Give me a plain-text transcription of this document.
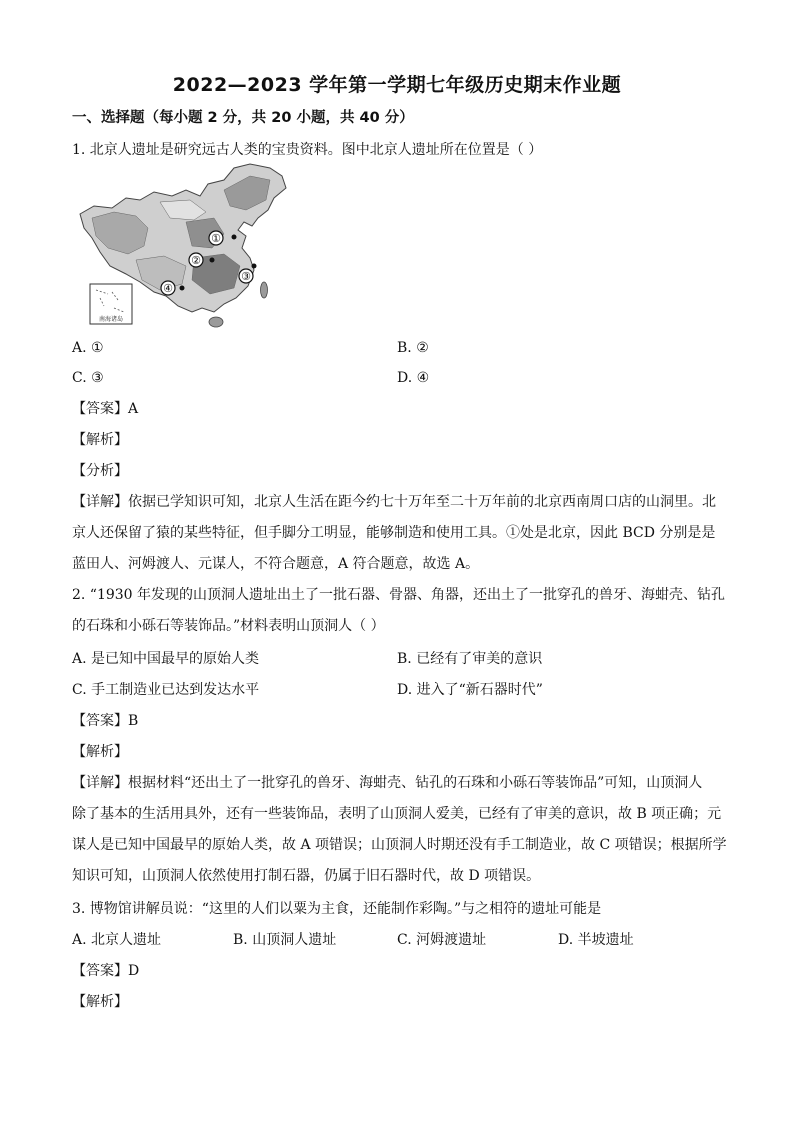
2022—2023 学年第一学期七年级历史期末作业题
一、选择题（每小题 2 分，共 20 小题，共 40 分）
1. 北京人遗址是研究远古人类的宝贵资料。图中北京人遗址所在位置是（ ）
南海诸岛
①
②
③
④
A. ①	B. ②
C. ③	D. ④
【答案】A
【解析】
【分析】
【详解】依据已学知识可知，北京人生活在距今约七十万年至二十万年前的北京西南周口店的山洞里。北
京人还保留了猿的某些特征，但手脚分工明显，能够制造和使用工具。①处是北京，因此 BCD 分别是是
蓝田人、河姆渡人、元谋人，不符合题意，A 符合题意，故选 A。
2. “1930 年发现的山顶洞人遗址出土了一批石器、骨器、角器，还出土了一批穿孔的兽牙、海蚶壳、钻孔
的石珠和小砾石等装饰品。”材料表明山顶洞人（ ）
A. 是已知中国最早的原始人类	B. 已经有了审美的意识
C. 手工制造业已达到发达水平	D. 进入了“新石器时代”
【答案】B
【解析】
【详解】根据材料“还出土了一批穿孔的兽牙、海蚶壳、钻孔的石珠和小砾石等装饰品”可知，山顶洞人
除了基本的生活用具外，还有一些装饰品，表明了山顶洞人爱美，已经有了审美的意识，故 B 项正确；元
谋人是已知中国最早的原始人类，故 A 项错误；山顶洞人时期还没有手工制造业，故 C 项错误；根据所学
知识可知，山顶洞人依然使用打制石器，仍属于旧石器时代，故 D 项错误。
3. 博物馆讲解员说：“这里的人们以粟为主食，还能制作彩陶。”与之相符的遗址可能是
A. 北京人遗址	B. 山顶洞人遗址	C. 河姆渡遗址	D. 半坡遗址
【答案】D
【解析】
